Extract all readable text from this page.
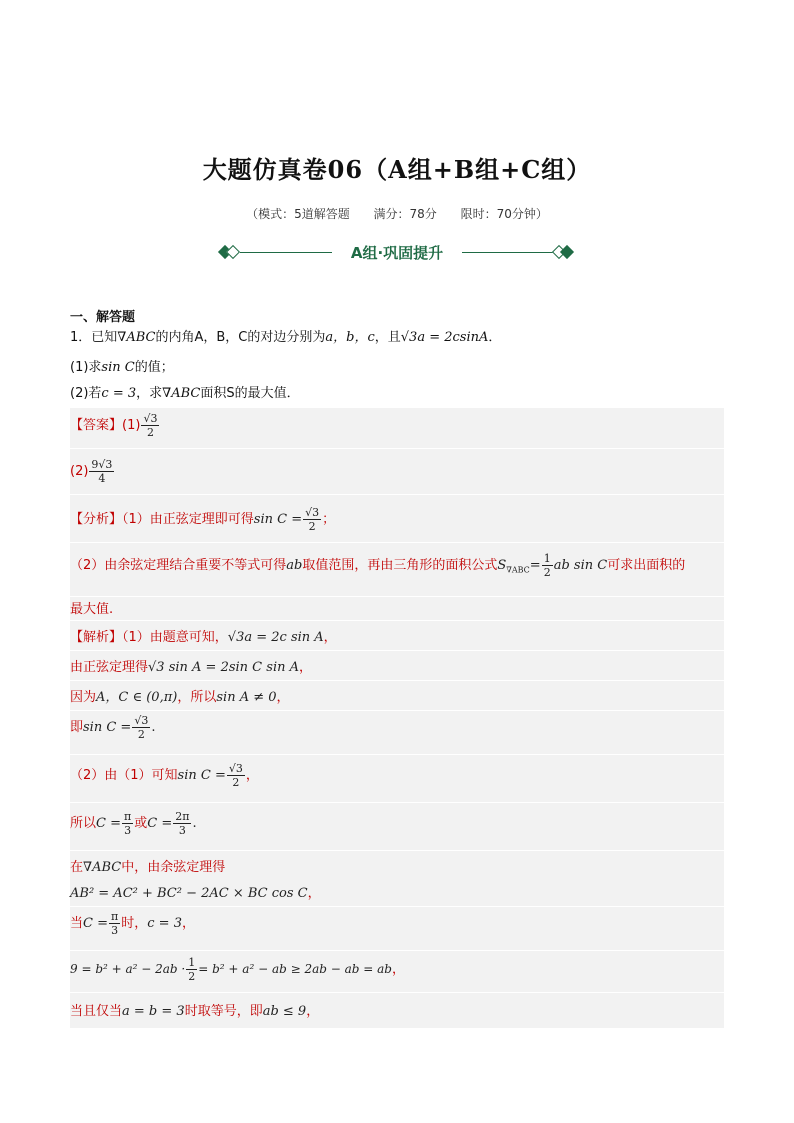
大题仿真卷06（A组+B组+C组）
（模式：5道解答题 满分：78分 限时：70分钟）
A组·巩固提升
一、解答题
1．已知∇ABC的内角A，B，C的对边分别为a，b，c，且√3a = 2csinA．
(1)求sin C的值；
(2)若c = 3，求∇ABC面积S的最大值．
【答案】$(1) \frac{√3}{2}$
$(2) \frac{9√3}{4}$
【分析】（1）由正弦定理即可得$\sin C = \frac{√3}{2}$ ；
（2）由余弦定理结合重要不等式可得ab取值范围，再由三角形的面积公式$S_{\nabla ABC}= \frac{1}{2}$ ab sin C可求出面积的
最大值.
【解析】（1）由题意可知，√3a = 2c sin A，
由正弦定理得√3 sin A = 2sin C sin A，
因为A，C ∈ (0,π)，所以sin A ≠ 0，
即$\sin C = \frac{√3}{2}$ .
（2）由（1）可知$\sin C = \frac{√3}{2}$ ，
所以$C = \frac{\pi}{3}$ 或$C = \frac{2\pi}{3}$ .
在∇ABC中，由余弦定理得
AB² = AC² + BC² − 2AC × BC cos C，
当$C = \frac{\pi}{3}$ 时，c = 3，
$9 = b^2 + a^2 - 2ab \cdot \frac{1}{2} = b^2 + a^2$ − ab ≥ 2ab − ab = ab，
当且仅当a = b = 3时取等号，即ab ≤ 9，
